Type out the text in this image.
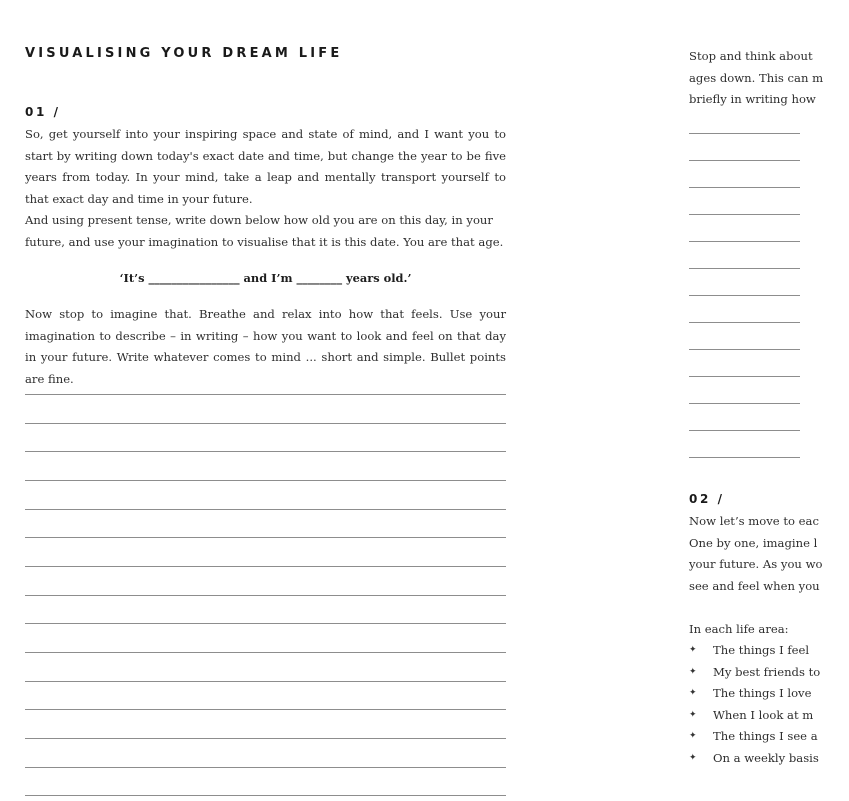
VISUALISING YOUR DREAM LIFE
01 /

So, get yourself into your inspiring space and state of mind, and I want you to start by writing down today's exact date and time, but change the year to be five years from today. In your mind, take a leap and mentally transport yourself to that exact day and time in your future.

And using present tense, write down below how old you are on this day, in your future, and use your imagination to visualise that it is this date. You are that age.

‘It’s ________________ and I’m ________ years old.’

Now stop to imagine that. Breathe and relax into how that feels. Use your imagination to describe – in writing – how you want to look and feel on that day in your future. Write whatever comes to mind ... short and simple. Bullet points are fine.

Stop and think about

ages down. This can m

briefly in writing how

02 /

Now let’s move to eac

One by one, imagine l

your future. As you wo

see and feel when you

In each life area:

✦ The things I feel
✦ My best friends to
✦ The things I love
✦ When I look at m
✦ The things I see a
✦ On a weekly basis
